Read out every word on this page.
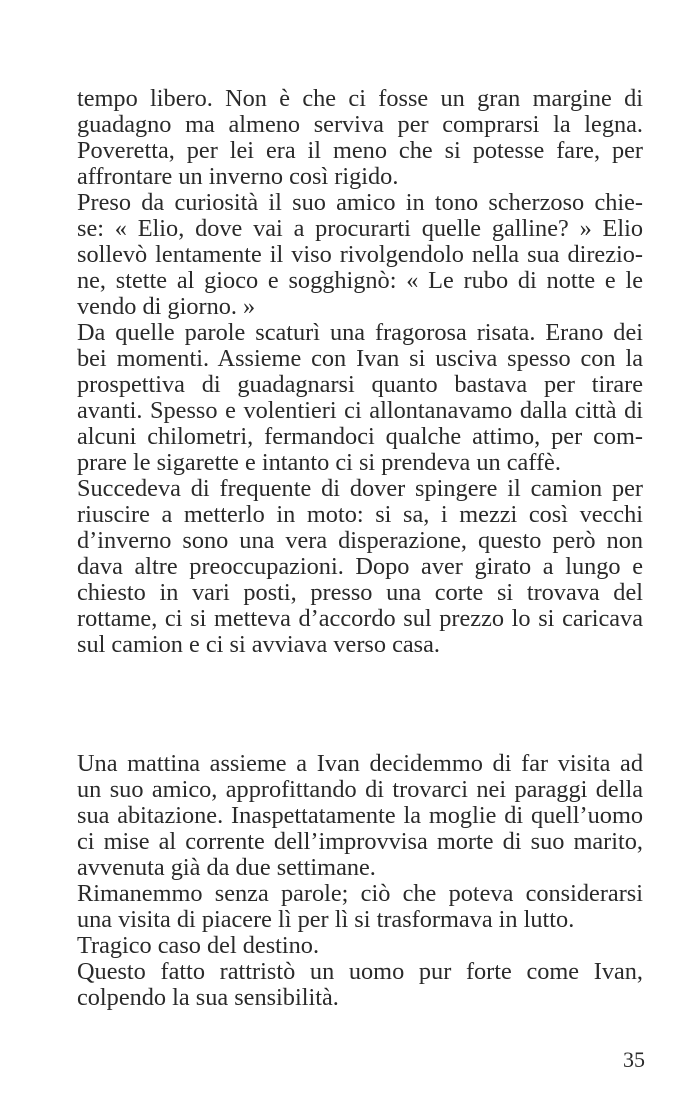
tempo libero. Non è che ci fosse un gran margine di
guadagno ma almeno serviva per comprarsi la legna.
Poveretta, per lei era il meno che si potesse fare, per
affrontare un inverno così rigido.
Preso da curiosità il suo amico in tono scherzoso chie-
se: « Elio, dove vai a procurarti quelle galline? » Elio
sollevò lentamente il viso rivolgendolo nella sua direzio-
ne, stette al gioco e sogghignò: « Le rubo di notte e le
vendo di giorno. »
Da quelle parole scaturì una fragorosa risata. Erano dei
bei momenti. Assieme con Ivan si usciva spesso con la
prospettiva di guadagnarsi quanto bastava per tirare
avanti. Spesso e volentieri ci allontanavamo dalla città di
alcuni chilometri, fermandoci qualche attimo, per com-
prare le sigarette e intanto ci si prendeva un caffè.
Succedeva di frequente di dover spingere il camion per
riuscire a metterlo in moto: si sa, i mezzi così vecchi
d’inverno sono una vera disperazione, questo però non
dava altre preoccupazioni. Dopo aver girato a lungo e
chiesto in vari posti, presso una corte si trovava del
rottame, ci si metteva d’accordo sul prezzo lo si caricava
sul camion e ci si avviava verso casa.
Una mattina assieme a Ivan decidemmo di far visita ad
un suo amico, approfittando di trovarci nei paraggi della
sua abitazione. Inaspettatamente la moglie di quell’uomo
ci mise al corrente dell’improvvisa morte di suo marito,
avvenuta già da due settimane.
Rimanemmo senza parole; ciò che poteva considerarsi
una visita di piacere lì per lì si trasformava in lutto.
Tragico caso del destino.
Questo fatto rattristò un uomo pur forte come Ivan,
colpendo la sua sensibilità.
35
